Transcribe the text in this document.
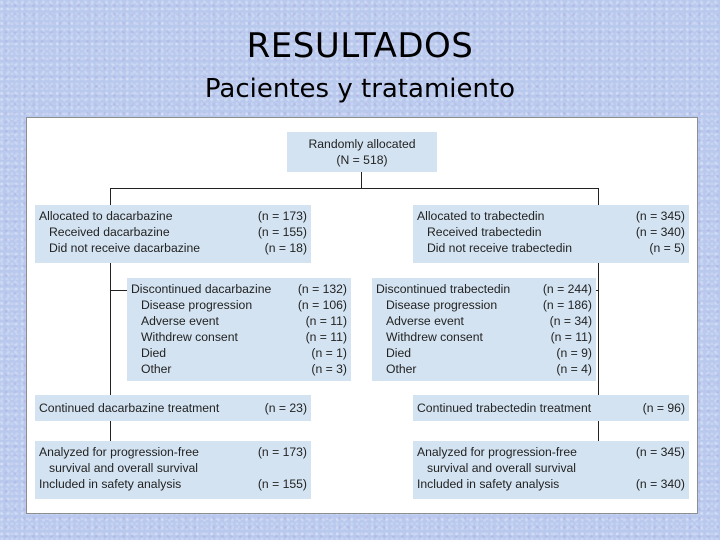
RESULTADOS
Pacientes y tratamiento
Randomly allocated
(N = 518)
Allocated to dacarbazine	(n = 173)
Received dacarbazine	(n = 155)
Did not receive dacarbazine	(n = 18)
Allocated to trabectedin	(n = 345)
Received trabectedin	(n = 340)
Did not receive trabectedin	(n = 5)
Discontinued dacarbazine (n = 132)
Disease progression	(n = 106)
Adverse event	(n = 11)
Withdrew consent	(n = 11)
Died	(n = 1)
Other	(n = 3)
Discontinued trabectedin	(n = 244)
Disease progression	(n = 186)
Adverse event	(n = 34)
Withdrew consent	(n = 11)
Died	(n = 9)
Other	(n = 4)
Continued dacarbazine treatment	(n = 23)	Continued trabectedin treatment	(n = 96)
Analyzed for progression-free	(n = 173)
survival and overall survival
Included in safety analysis	(n = 155)
Analyzed for progression-free	(n = 345)
survival and overall survival
Included in safety analysis	(n = 340)
